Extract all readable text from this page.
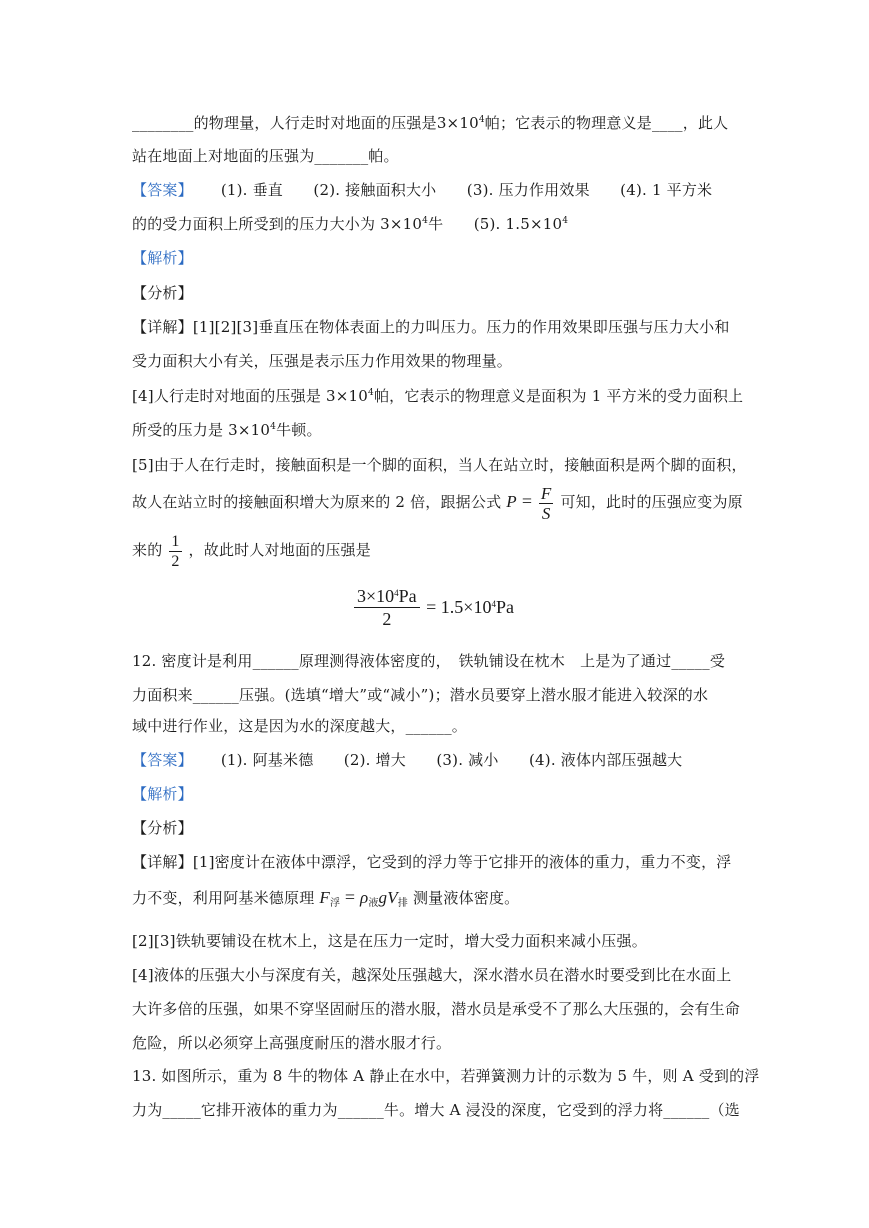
________的物理量，人行走时对地面的压强是$3\times 10^4$帕；它表示的物理意义是____，此人
站在地面上对地面的压强为_______帕。
【答案】 (1). 垂直　　(2). 接触面积大小　　(3). 压力作用效果　　(4). 1 平方米
的的受力面积上所受到的压力大小为 $3\times 10^4$牛　　(5). $1.5\times 10^4$
【解析】
【分析】
【详解】[1][2][3]垂直压在物体表面上的力叫压力。压力的作用效果即压强与压力大小和
受力面积大小有关，压强是表示压力作用效果的物理量。
[4]人行走时对地面的压强是 $3\times 10^4$帕，它表示的物理意义是面积为 1 平方米的受力面积上
所受的压力是 $3\times 10^4$牛顿。
[5]由于人在行走时，接触面积是一个脚的面积，当人在站立时，接触面积是两个脚的面积，
故人在站立时的接触面积增大为原来的 2 倍，跟据公式 $P = \frac{F}{S}$ 可知，此时的压强应变为原
来的 $\frac{1}{2}$ ，故此时人对地面的压强是
$\frac{3\times 10^4Pa}{2} = 1.5\times 10^4Pa$
12. 密度计是利用______原理测得液体密度的，　铁轨铺设在枕木　上是为了通过_____受
力面积来______压强。(选填“增大”或“减小”)；潜水员要穿上潜水服才能进入较深的水
域中进行作业，这是因为水的深度越大，______。
【答案】 (1). 阿基米德　　(2). 增大　　(3). 减小　　(4). 液体内部压强越大
【解析】
【分析】
【详解】[1]密度计在液体中漂浮，它受到的浮力等于它排开的液体的重力，重力不变，浮
力不变，利用阿基米德原理 $F_浮 = \rho_液gV_排$ 测量液体密度。
[2][3]铁轨要铺设在枕木上，这是在压力一定时，增大受力面积来减小压强。
[4]液体的压强大小与深度有关，越深处压强越大，深水潜水员在潜水时要受到比在水面上
大许多倍的压强，如果不穿坚固耐压的潜水服，潜水员是承受不了那么大压强的，会有生命
危险，所以必须穿上高强度耐压的潜水服才行。
13. 如图所示，重为 8 牛的物体 A 静止在水中，若弹簧测力计的示数为 5 牛，则 A 受到的浮
力为_____它排开液体的重力为______牛。增大 A 浸没的深度，它受到的浮力将______（选
